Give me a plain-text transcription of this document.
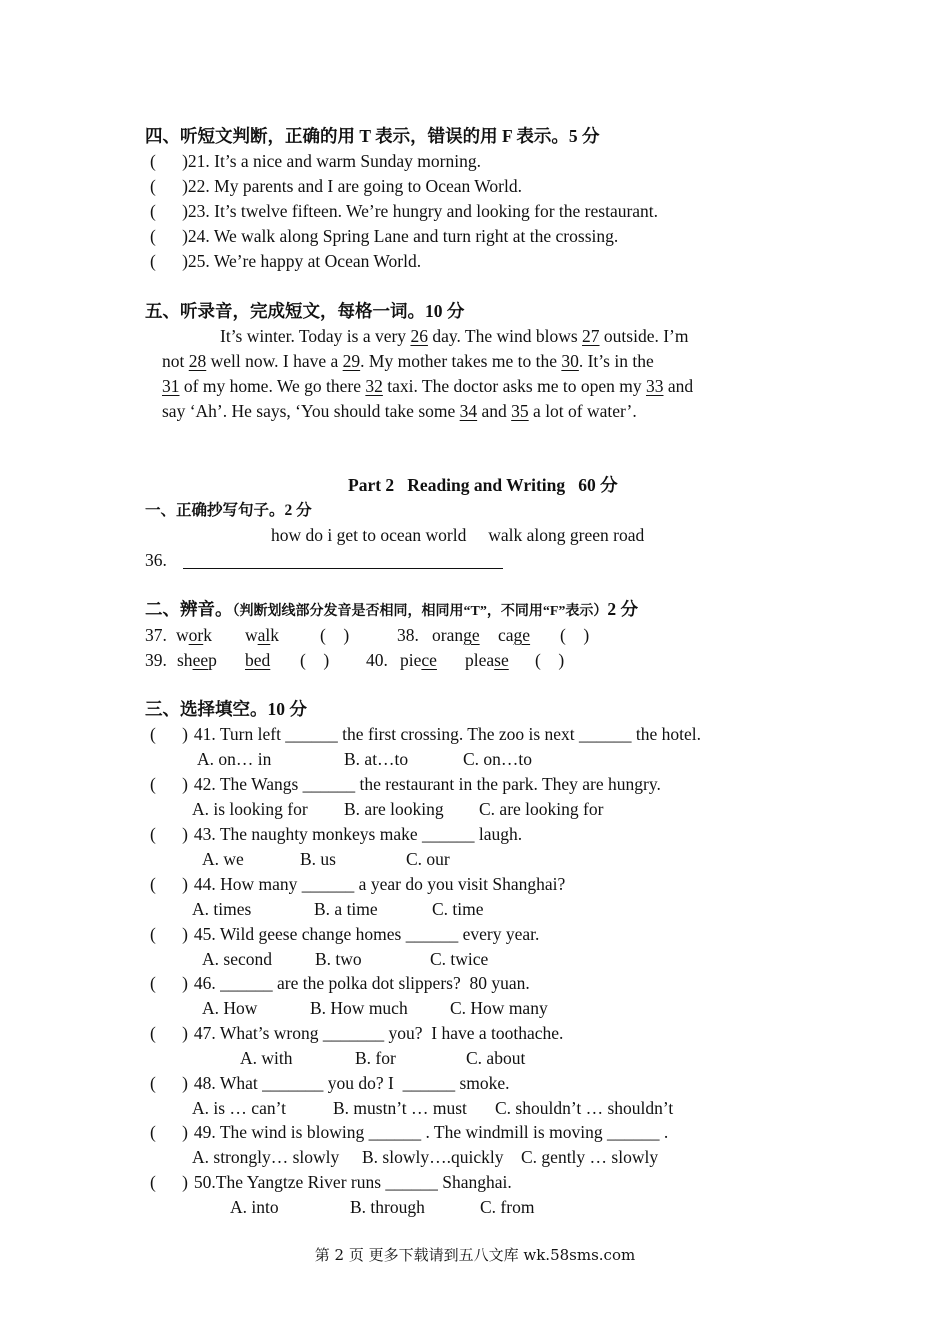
四、听短文判断，正确的用 T 表示，错误的用 F 表示。5 分
(      )21. It’s a nice and warm Sunday morning.
(      )22. My parents and I are going to Ocean World.
(      )23. It’s twelve fifteen. We’re hungry and looking for the restaurant.
(      )24. We walk along Spring Lane and turn right at the crossing.
(      )25. We’re happy at Ocean World.
五、听录音，完成短文，每格一词。10 分
It’s winter. Today is a very 26 day. The wind blows 27 outside. I’m
not 28 well now. I have a 29. My mother takes me to the 30. It’s in the
31 of my home. We go there 32 taxi. The doctor asks me to open my 33 and
say ‘Ah’. He says, ‘You should take some 34 and 35 a lot of water’.
Part 2   Reading and Writing   60 分
一、正确抄写句子。2 分
how do i get to ocean world     walk along green road
36.
二、辨音。（判断划线部分发音是否相同，相同用“T”，不同用“F”表示）2 分
37. work walk (    )	38. orange cage (    )
39. sheep bed (    ) 40. piece please (    )
三、选择填空。10 分
(      ) 41. Turn left ______ the first crossing. The zoo is next ______ the hotel.
A. on… in	B. at…to	C. on…to
(      ) 42. The Wangs ______ the restaurant in the park. They are hungry.
A. is looking for B. are looking C. are looking for
(      ) 43. The naughty monkeys make ______ laugh.
A. we	B. us	C. our
(      ) 44. How many ______ a year do you visit Shanghai?
A. times	B. a time	C. time
(      ) 45. Wild geese change homes ______ every year.
A. second B. two	C. twice
(      ) 46. ______ are the polka dot slippers?  80 yuan.
A. How	B. How much C. How many
(      ) 47. What’s wrong _______ you?  I have a toothache.
A. with	B. for	C. about
(      ) 48. What _______ you do? I  ______ smoke.
A. is … can’t	B. mustn’t … must C. shouldn’t … shouldn’t
(      ) 49. The wind is blowing ______ . The windmill is moving ______ .
A. strongly… slowly B. slowly….quickly C. gently … slowly
(      ) 50.The Yangtze River runs ______ Shanghai.
A. into	B. through	C. from
第 2 页 更多下载请到五八文库 wk.58sms.com
